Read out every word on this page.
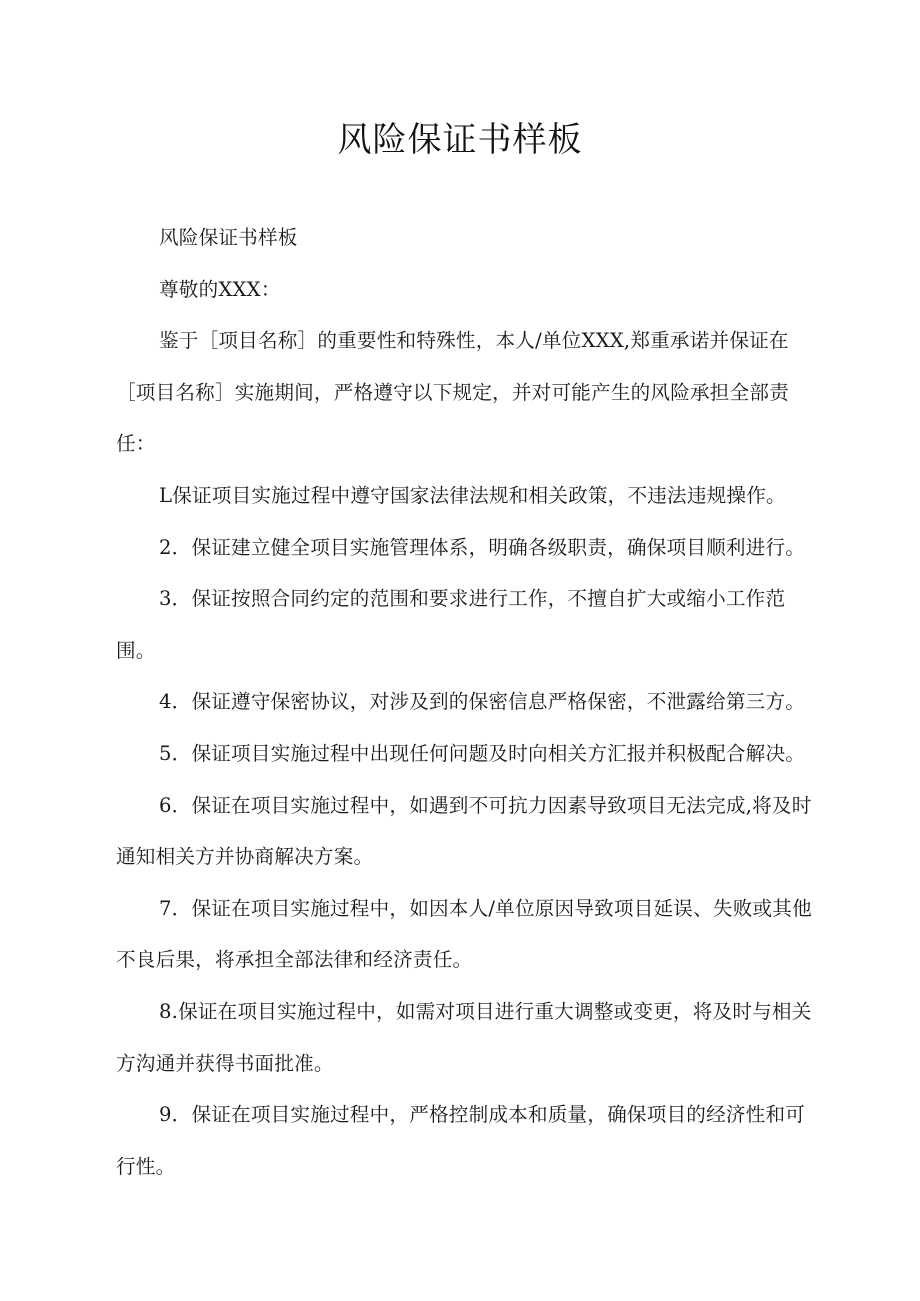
风险保证书样板

风险保证书样板

尊敬的XXX：

鉴于［项目名称］的重要性和特殊性，本人/单位XXX,郑重承诺并保证在［项目名称］实施期间，严格遵守以下规定，并对可能产生的风险承担全部责任：

L保证项目实施过程中遵守国家法律法规和相关政策，不违法违规操作。

2．保证建立健全项目实施管理体系，明确各级职责，确保项目顺利进行。

3．保证按照合同约定的范围和要求进行工作，不擅自扩大或缩小工作范围。

4．保证遵守保密协议，对涉及到的保密信息严格保密，不泄露给第三方。

5．保证项目实施过程中出现任何问题及时向相关方汇报并积极配合解决。

6．保证在项目实施过程中，如遇到不可抗力因素导致项目无法完成,将及时通知相关方并协商解决方案。

7．保证在项目实施过程中，如因本人/单位原因导致项目延误、失败或其他不良后果，将承担全部法律和经济责任。

8.保证在项目实施过程中，如需对项目进行重大调整或变更，将及时与相关方沟通并获得书面批准。

9．保证在项目实施过程中，严格控制成本和质量，确保项目的经济性和可行性。
